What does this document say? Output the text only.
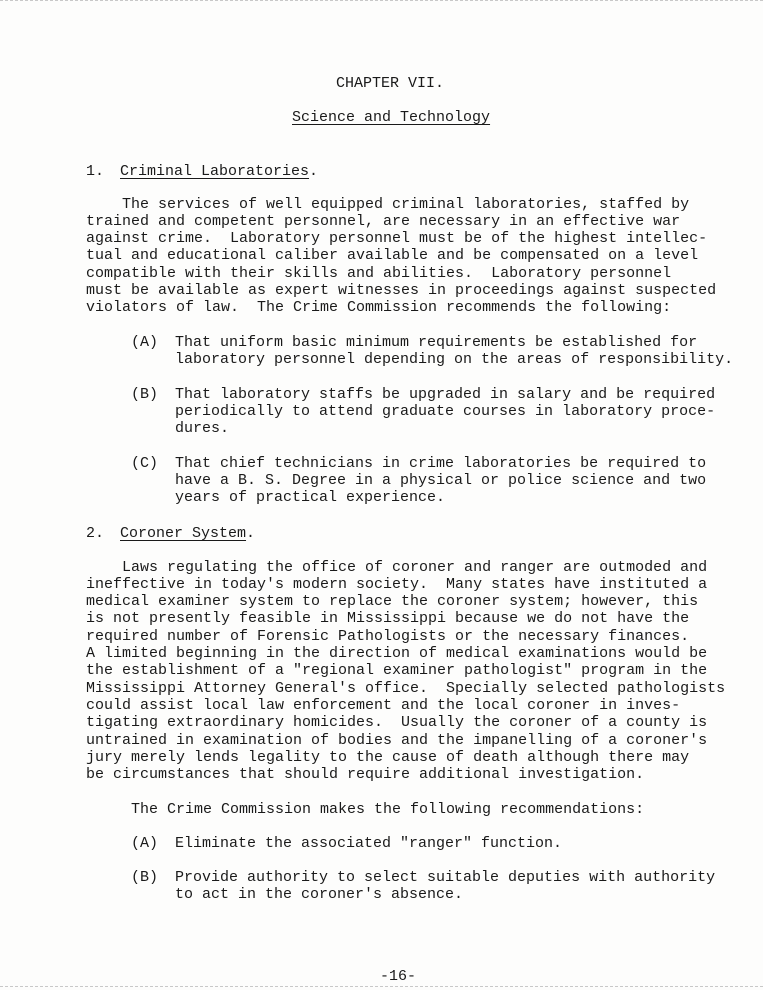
CHAPTER VII.
Science and Technology
1. Criminal Laboratories.
The services of well equipped criminal laboratories, staffed by
trained and competent personnel, are necessary in an effective war
against crime.  Laboratory personnel must be of the highest intellec-
tual and educational caliber available and be compensated on a level
compatible with their skills and abilities.  Laboratory personnel
must be available as expert witnesses in proceedings against suspected
violators of law.  The Crime Commission recommends the following:
(A) That uniform basic minimum requirements be established for
laboratory personnel depending on the areas of responsibility.
(B) That laboratory staffs be upgraded in salary and be required
periodically to attend graduate courses in laboratory proce-
dures.
(C) That chief technicians in crime laboratories be required to
have a B. S. Degree in a physical or police science and two
years of practical experience.
2. Coroner System.
Laws regulating the office of coroner and ranger are outmoded and
ineffective in today's modern society.  Many states have instituted a
medical examiner system to replace the coroner system; however, this
is not presently feasible in Mississippi because we do not have the
required number of Forensic Pathologists or the necessary finances.
A limited beginning in the direction of medical examinations would be
the establishment of a "regional examiner pathologist" program in the
Mississippi Attorney General's office.  Specially selected pathologists
could assist local law enforcement and the local coroner in inves-
tigating extraordinary homicides.  Usually the coroner of a county is
untrained in examination of bodies and the impanelling of a coroner's
jury merely lends legality to the cause of death although there may
be circumstances that should require additional investigation.
The Crime Commission makes the following recommendations:
(A) Eliminate the associated "ranger" function.
(B) Provide authority to select suitable deputies with authority
to act in the coroner's absence.
-16-
